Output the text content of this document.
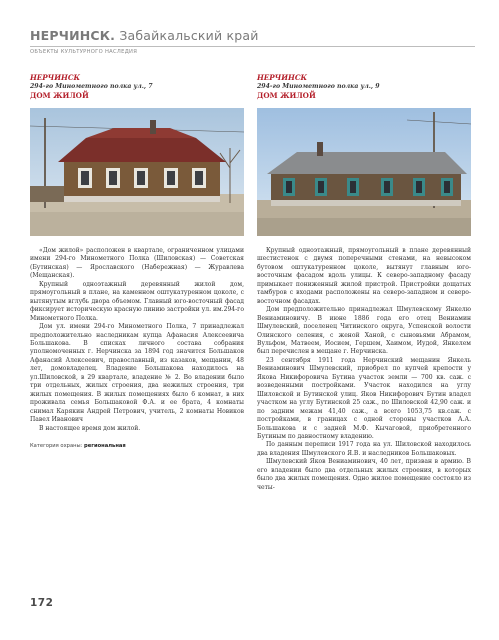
НЕРЧИНСК. Забайкальский край
ОБЪЕКТЫ КУЛЬТУРНОГО НАСЛЕДИЯ
НЕРЧИНСК
294-го Минометного полка ул., 7
ДОМ ЖИЛОЙ

«Дом жилой» расположен в квартале, ограниченном улицами имени 294-го Минометного Полка (Шиловская) — Советская (Бутинская) — Ярославского (Набережная) — Журавлева (Мещанская).

Крупный одноэтажный деревянный жилой дом, прямоугольный в плане, на каменном оштукатуренном цоколе, с вытянутым вглубь двора объемом. Главный юго-восточный фасад фиксирует историческую красную линию застройки ул. им.294-го Минометного Полка.

Дом ул. имени 294-го Минометного Полка, 7 принадлежал предположительно наследникам купца Афанасия Алексеевича Большакова. В списках личного состава собрания уполномоченных г. Нерчинска за 1894 год значится Большаков Афанасий Алексеевич, православный, из казаков, мещанин, 48 лет, домовладелец. Владение Большакова находилось на ул.Шиловской, в 29 квартале, владение № 2. Во владении было три отдельных, жилых строения, два нежилых строения, три жилых помещения. В жилых помещениях было 6 комнат, в них проживала семья Большаковой Ф.А. и ее брата, 4 комнаты снимал Карякин Андрей Петрович, учитель, 2 комнаты Новиков Павел Иванович

В настоящее время дом жилой.

Категория охраны: региональная
НЕРЧИНСК
294-го Минометного полка ул., 9
ДОМ ЖИЛОЙ

Крупный одноэтажный, прямоугольный в плане деревянный шестистенок с двумя поперечными стенами, на невысоком бутовом оштукатуренном цоколе, вытянут главным юго-восточным фасадом вдоль улицы. К северо-западному фасаду примыкает пониженный жилой пристрой. Пристройки дощатых тамбуров с входами расположены на северо-западном и северо-восточном фасадах.

Дом предположительно принадлежал Шмулевскому Янкелю Вениаминовичу. В июне 1886 года его отец Вениамин Шмулевский, поселенец Читинского округа, Успенской волости Олинского селения, с женой Ханой, с сыновьями Абрамом, Вульфом, Матвеем, Иосием, Гершем, Хаимом, Иудой, Янкелем был перечислен в мещане г. Нерчинска.

23 сентября 1911 года Нерчинский мещанин Янкель Вениаминович Шмулевский, приобрел по купчей крепости у Якова Никифоровича Бутина участок земли — 700 кв. саж. с возведенными постройками. Участок находился на углу Шиловской и Бутинской улиц. Яков Никифорович Бутин владел участком на углу Бутинской 25 саж., по Шиловской 42,90 саж. и по задним межам 41,40 саж., а всего 1053,75 кв.саж. с постройками, в границах с одной стороны участков А.А. Большакова и с задней М.Ф. Кычаговой, приобретенного Бутиным по давностному владению.

По данным переписи 1917 года на ул. Шиловской находилось два владения Шмулевского Я.В. и наследников Большаковых.

Шмулевский Яков Вениаминович, 40 лет, призван в армию. В его владении было два отдельных жилых строения, в которых было два жилых помещения. Одно жилое помещение состояло из четы-

172
